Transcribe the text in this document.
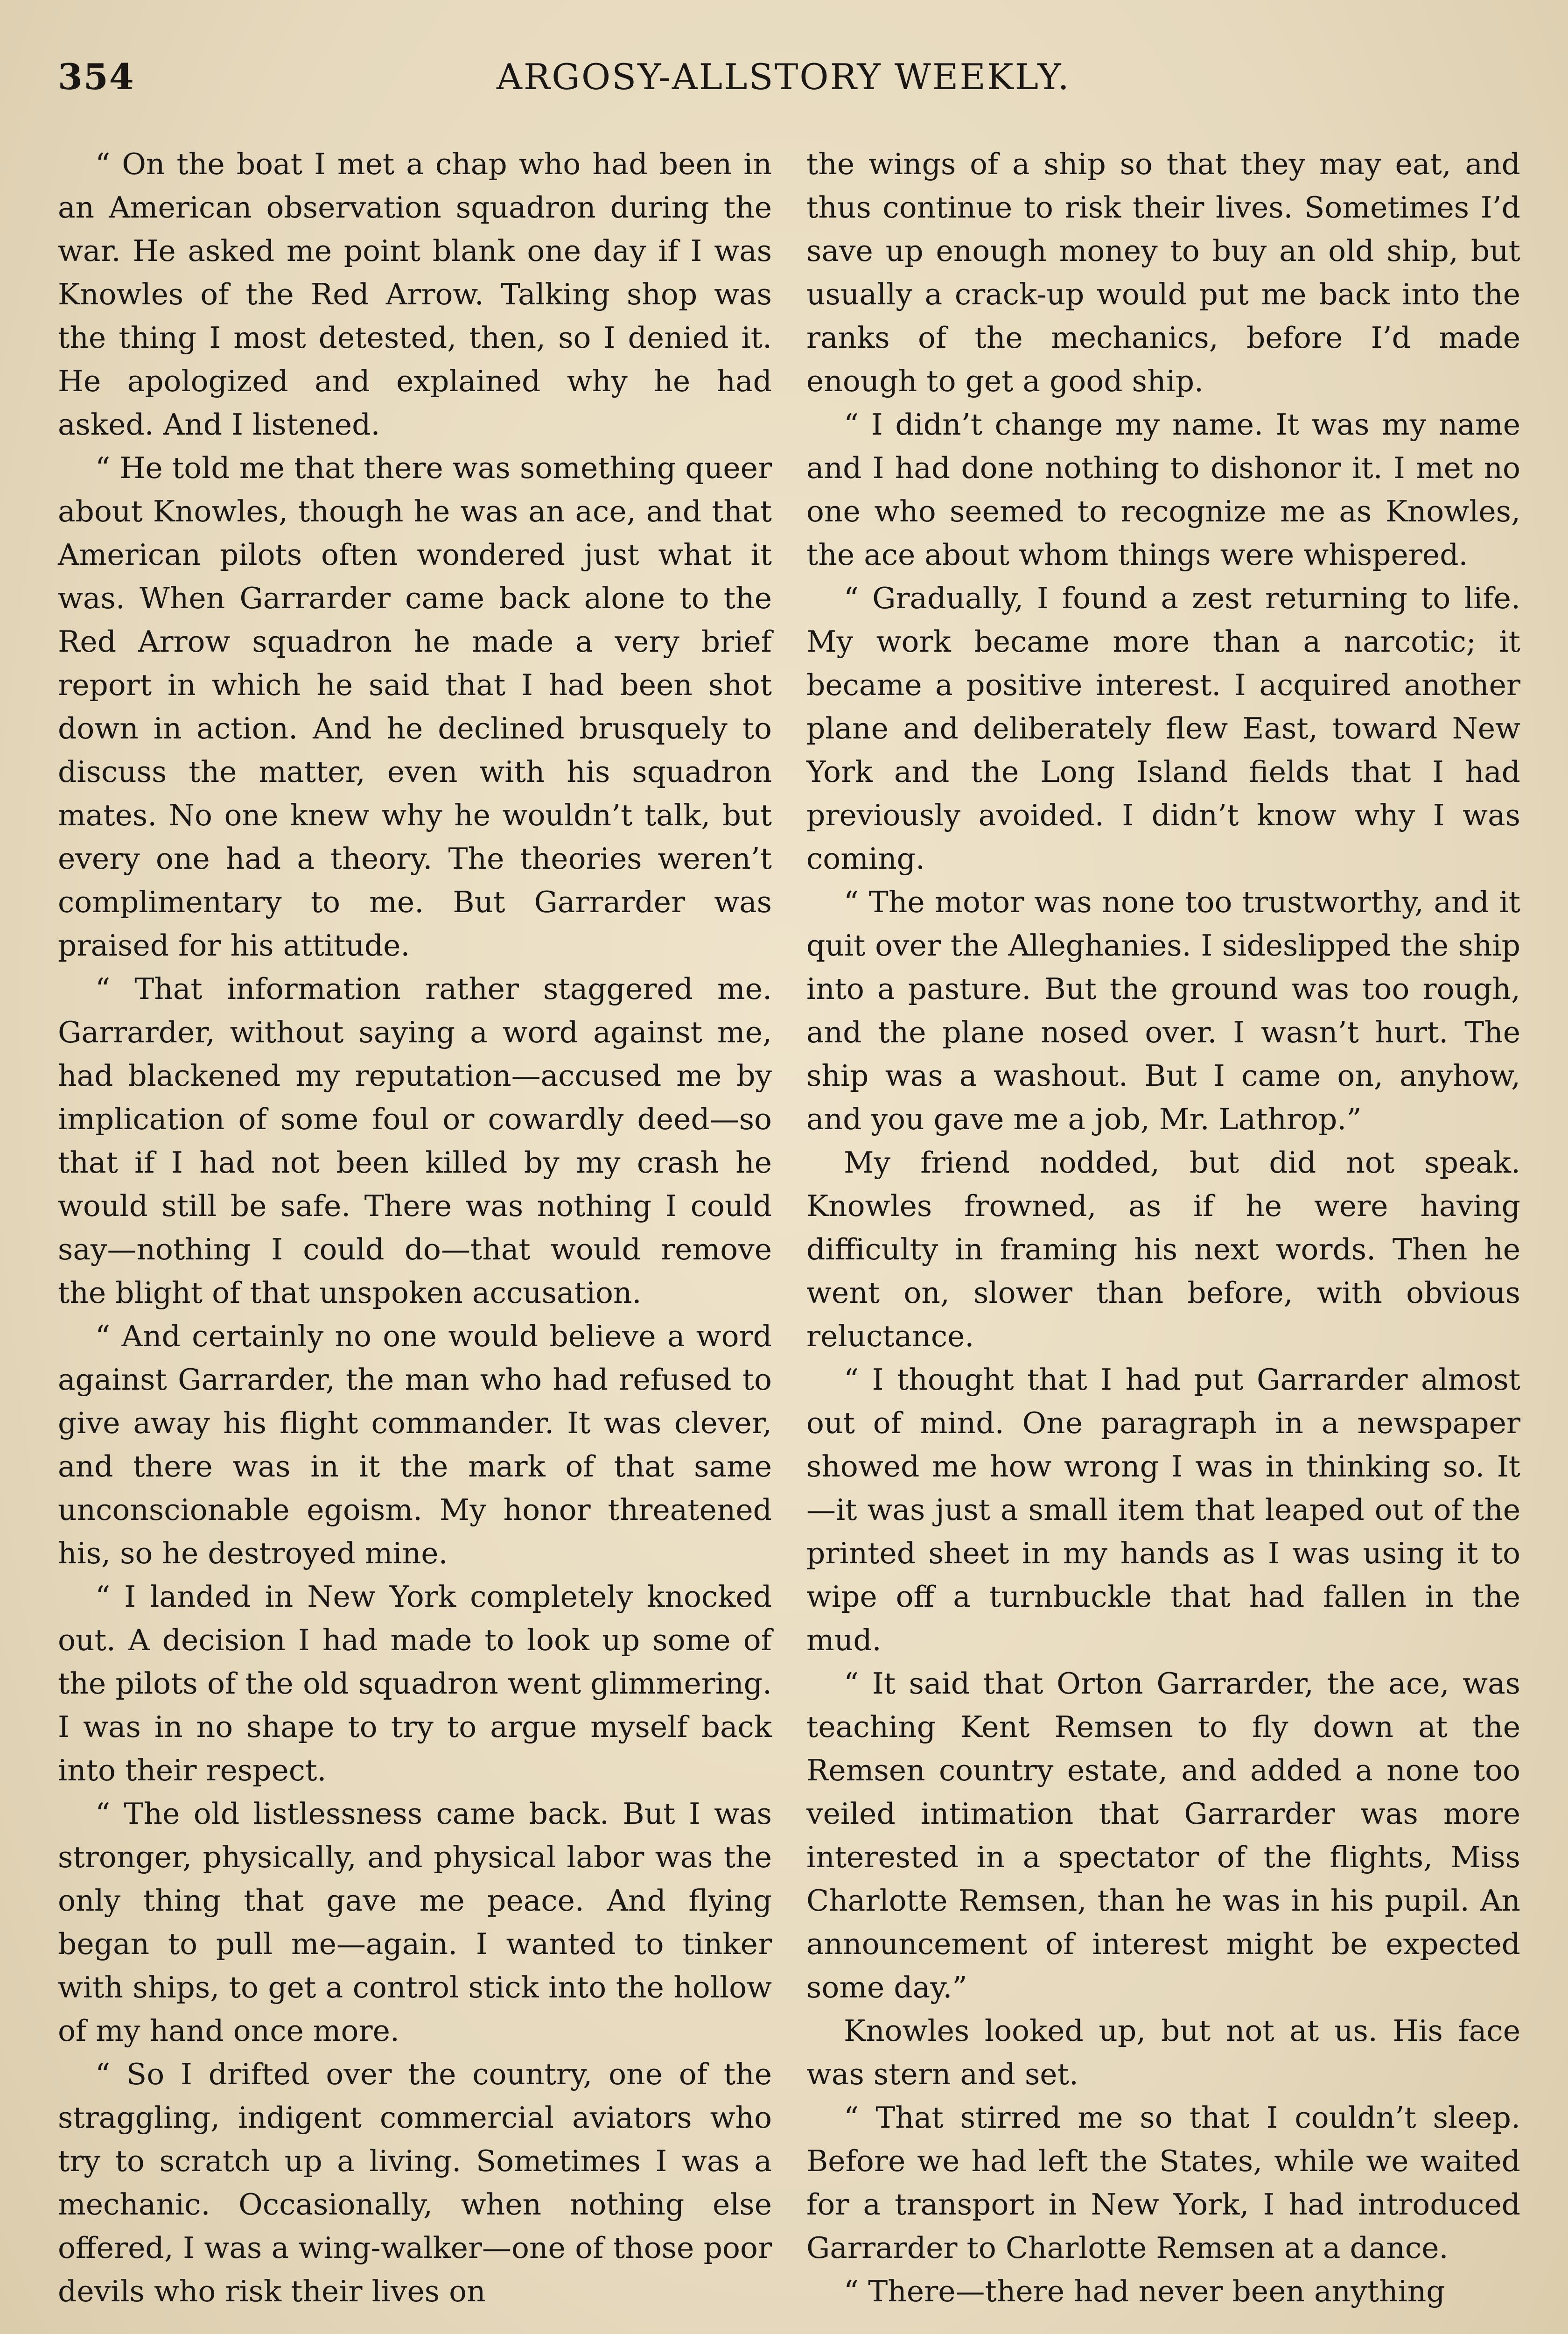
354	ARGOSY-ALLSTORY WEEKLY.

“ On the boat I met a chap who had been in an American observation squadron during the war. He asked me point blank one day if I was Knowles of the Red Arrow. Talking shop was the thing I most detested, then, so I denied it. He apologized and explained why he had asked. And I listened.

“ He told me that there was something queer about Knowles, though he was an ace, and that American pilots often wondered just what it was. When Garrarder came back alone to the Red Arrow squadron he made a very brief report in which he said that I had been shot down in action. And he declined brusquely to discuss the matter, even with his squadron mates. No one knew why he wouldn’t talk, but every one had a theory. The theories weren’t complimentary to me. But Garrarder was praised for his attitude.

“ That information rather staggered me. Garrarder, without saying a word against me, had blackened my reputation—accused me by implication of some foul or cowardly deed—so that if I had not been killed by my crash he would still be safe. There was nothing I could say—nothing I could do—that would remove the blight of that unspoken accusation.

“ And certainly no one would believe a word against Garrarder, the man who had refused to give away his flight commander. It was clever, and there was in it the mark of that same unconscionable egoism. My honor threatened his, so he destroyed mine.

“ I landed in New York completely knocked out. A decision I had made to look up some of the pilots of the old squadron went glimmering. I was in no shape to try to argue myself back into their respect.

“ The old listlessness came back. But I was stronger, physically, and physical labor was the only thing that gave me peace. And flying began to pull me—again. I wanted to tinker with ships, to get a control stick into the hollow of my hand once more.

“ So I drifted over the country, one of the straggling, indigent commercial aviators who try to scratch up a living. Sometimes I was a mechanic. Occasionally, when nothing else offered, I was a wing-walker—one of those poor devils who risk their lives on

the wings of a ship so that they may eat, and thus continue to risk their lives. Sometimes I’d save up enough money to buy an old ship, but usually a crack-up would put me back into the ranks of the mechanics, before I’d made enough to get a good ship.

“ I didn’t change my name. It was my name and I had done nothing to dishonor it. I met no one who seemed to recognize me as Knowles, the ace about whom things were whispered.

“ Gradually, I found a zest returning to life. My work became more than a narcotic; it became a positive interest. I acquired another plane and deliberately flew East, toward New York and the Long Island fields that I had previously avoided. I didn’t know why I was coming.

“ The motor was none too trustworthy, and it quit over the Alleghanies. I sideslipped the ship into a pasture. But the ground was too rough, and the plane nosed over. I wasn’t hurt. The ship was a washout. But I came on, anyhow, and you gave me a job, Mr. Lathrop.”

My friend nodded, but did not speak. Knowles frowned, as if he were having difficulty in framing his next words. Then he went on, slower than before, with obvious reluctance.

“ I thought that I had put Garrarder almost out of mind. One paragraph in a newspaper showed me how wrong I was in thinking so. It—it was just a small item that leaped out of the printed sheet in my hands as I was using it to wipe off a turnbuckle that had fallen in the mud.

“ It said that Orton Garrarder, the ace, was teaching Kent Remsen to fly down at the Remsen country estate, and added a none too veiled intimation that Garrarder was more interested in a spectator of the flights, Miss Charlotte Remsen, than he was in his pupil. An announcement of interest might be expected some day.”

Knowles looked up, but not at us. His face was stern and set.

“ That stirred me so that I couldn’t sleep. Before we had left the States, while we waited for a transport in New York, I had introduced Garrarder to Charlotte Remsen at a dance.

“ There—there had never been anything
